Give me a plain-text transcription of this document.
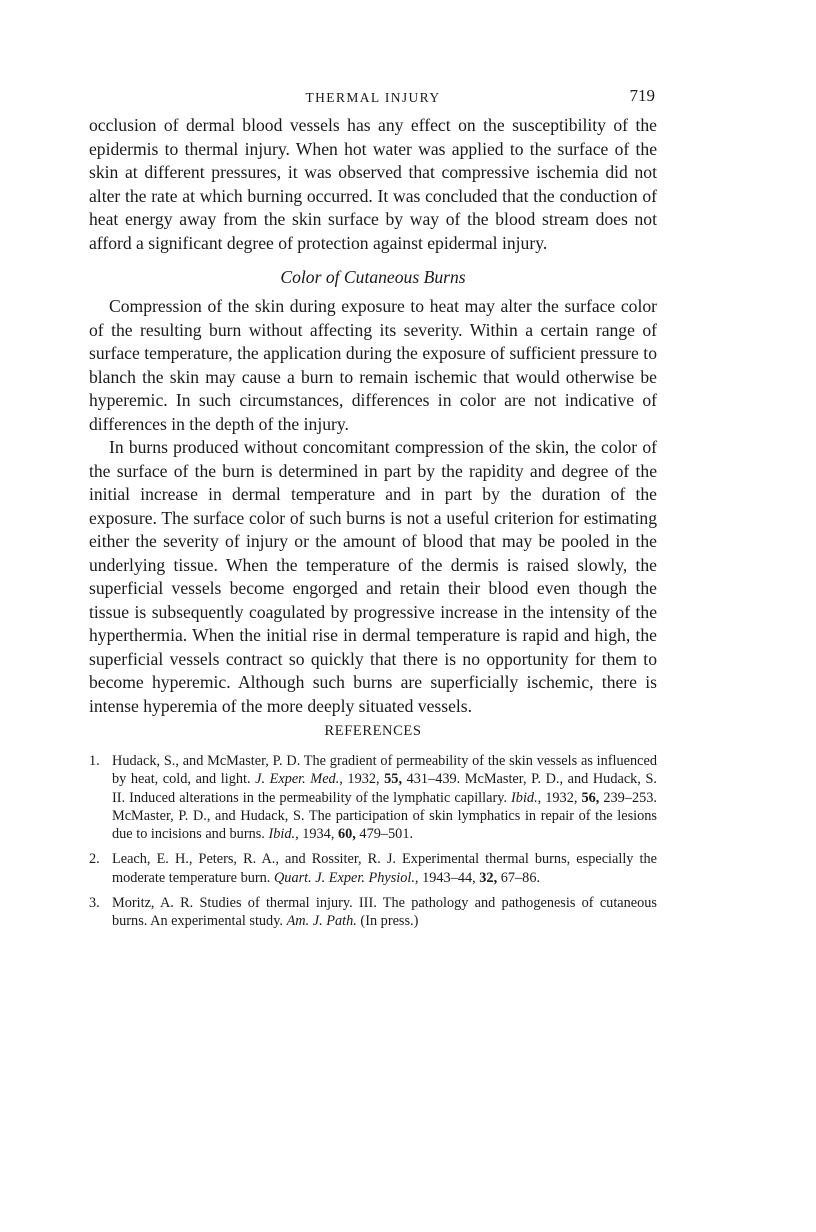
THERMAL INJURY	719

occlusion of dermal blood vessels has any effect on the susceptibility of the epidermis to thermal injury. When hot water was applied to the surface of the skin at different pressures, it was observed that compressive ischemia did not alter the rate at which burning occurred. It was concluded that the conduction of heat energy away from the skin surface by way of the blood stream does not afford a significant degree of protection against epidermal injury.

Color of Cutaneous Burns

Compression of the skin during exposure to heat may alter the surface color of the resulting burn without affecting its severity. Within a certain range of surface temperature, the application during the exposure of sufficient pressure to blanch the skin may cause a burn to remain ischemic that would otherwise be hyperemic. In such circumstances, differences in color are not indicative of differences in the depth of the injury.

In burns produced without concomitant compression of the skin, the color of the surface of the burn is determined in part by the rapidity and degree of the initial increase in dermal temperature and in part by the duration of the exposure. The surface color of such burns is not a useful criterion for estimating either the severity of injury or the amount of blood that may be pooled in the underlying tissue. When the temperature of the dermis is raised slowly, the superficial vessels become engorged and retain their blood even though the tissue is subsequently coagulated by progressive increase in the intensity of the hyperthermia. When the initial rise in dermal temperature is rapid and high, the superficial vessels contract so quickly that there is no opportunity for them to become hyperemic. Although such burns are superficially ischemic, there is intense hyperemia of the more deeply situated vessels.

REFERENCES
1. Hudack, S., and McMaster, P. D. The gradient of permeability of the skin vessels as influenced by heat, cold, and light. J. Exper. Med., 1932, 55, 431–439. McMaster, P. D., and Hudack, S. II. Induced alterations in the permeability of the lymphatic capillary. Ibid., 1932, 56, 239–253. McMaster, P. D., and Hudack, S. The participation of skin lymphatics in repair of the lesions due to incisions and burns. Ibid., 1934, 60, 479–501.
2. Leach, E. H., Peters, R. A., and Rossiter, R. J. Experimental thermal burns, especially the moderate temperature burn. Quart. J. Exper. Physiol., 1943–44, 32, 67–86.
3. Moritz, A. R. Studies of thermal injury. III. The pathology and pathogenesis of cutaneous burns. An experimental study. Am. J. Path. (In press.)
